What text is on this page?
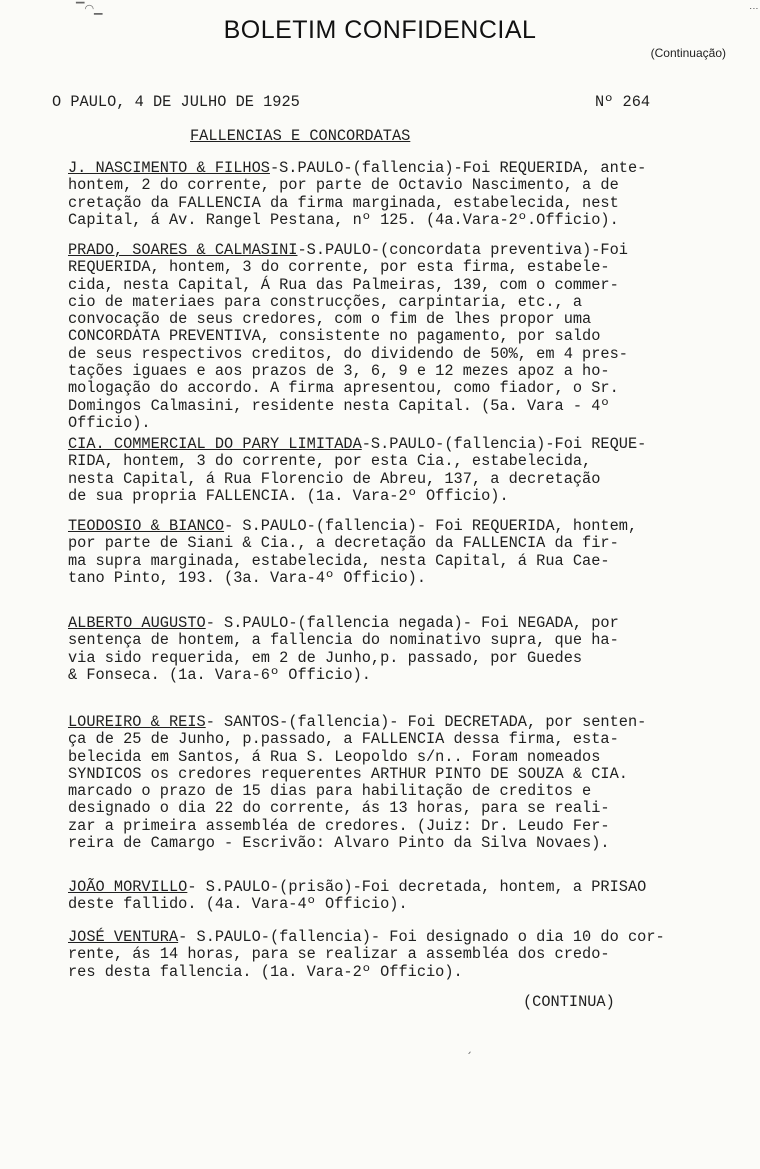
▔◠▁	⋮
BOLETIM CONFIDENCIAL
(Continuação)
O PAULO, 4 DE JULHO DE 1925	Nº 264
FALLENCIAS E CONCORDATAS

J. NASCIMENTO & FILHOS-S.PAULO-(fallencia)-Foi REQUERIDA, ante-
hontem, 2 do corrente, por parte de Octavio Nascimento, a de
cretação da FALLENCIA da firma marginada, estabelecida, nest
Capital, á Av. Rangel Pestana, nº 125. (4a.Vara-2º.Officio).

PRADO, SOARES & CALMASINI-S.PAULO-(concordata preventiva)-Foi
REQUERIDA, hontem, 3 do corrente, por esta firma, estabele-
cida, nesta Capital, Á Rua das Palmeiras, 139, com o commer-
cio de materiaes para construcções, carpintaria, etc., a
convocação de seus credores, com o fim de lhes propor uma
CONCORDATA PREVENTIVA, consistente no pagamento, por saldo
de seus respectivos creditos, do dividendo de 50%, em 4 pres-
tações iguaes e aos prazos de 3, 6, 9 e 12 mezes apoz a ho-
mologação do accordo. A firma apresentou, como fiador, o Sr.
Domingos Calmasini, residente nesta Capital. (5a. Vara - 4º
Officio).

CIA. COMMERCIAL DO PARY LIMITADA-S.PAULO-(fallencia)-Foi REQUE-
RIDA, hontem, 3 do corrente, por esta Cia., estabelecida,
nesta Capital, á Rua Florencio de Abreu, 137, a decretação
de sua propria FALLENCIA. (1a. Vara-2º Officio).

TEODOSIO & BIANCO- S.PAULO-(fallencia)- Foi REQUERIDA, hontem,
por parte de Siani & Cia., a decretação da FALLENCIA da fir-
ma supra marginada, estabelecida, nesta Capital, á Rua Cae-
tano Pinto, 193. (3a. Vara-4º Officio).

ALBERTO AUGUSTO- S.PAULO-(fallencia negada)- Foi NEGADA, por
sentença de hontem, a fallencia do nominativo supra, que ha-
via sido requerida, em 2 de Junho,p. passado, por Guedes
& Fonseca. (1a. Vara-6º Officio).

LOUREIRO & REIS- SANTOS-(fallencia)- Foi DECRETADA, por senten-
ça de 25 de Junho, p.passado, a FALLENCIA dessa firma, esta-
belecida em Santos, á Rua S. Leopoldo s/n.. Foram nomeados
SYNDICOS os credores requerentes ARTHUR PINTO DE SOUZA & CIA.
marcado o prazo de 15 dias para habilitação de creditos e
designado o dia 22 do corrente, ás 13 horas, para se reali-
zar a primeira assembléa de credores. (Juiz: Dr. Leudo Fer-
reira de Camargo - Escrivão: Alvaro Pinto da Silva Novaes).

JOÃO MORVILLO- S.PAULO-(prisão)-Foi decretada, hontem, a PRISAO
deste fallido. (4a. Vara-4º Officio).

JOSÉ VENTURA- S.PAULO-(fallencia)- Foi designado o dia 10 do cor-
rente, ás 14 horas, para se realizar a assembléa dos credo-
res desta fallencia. (1a. Vara-2º Officio).

(CONTINUA)
ˏ
